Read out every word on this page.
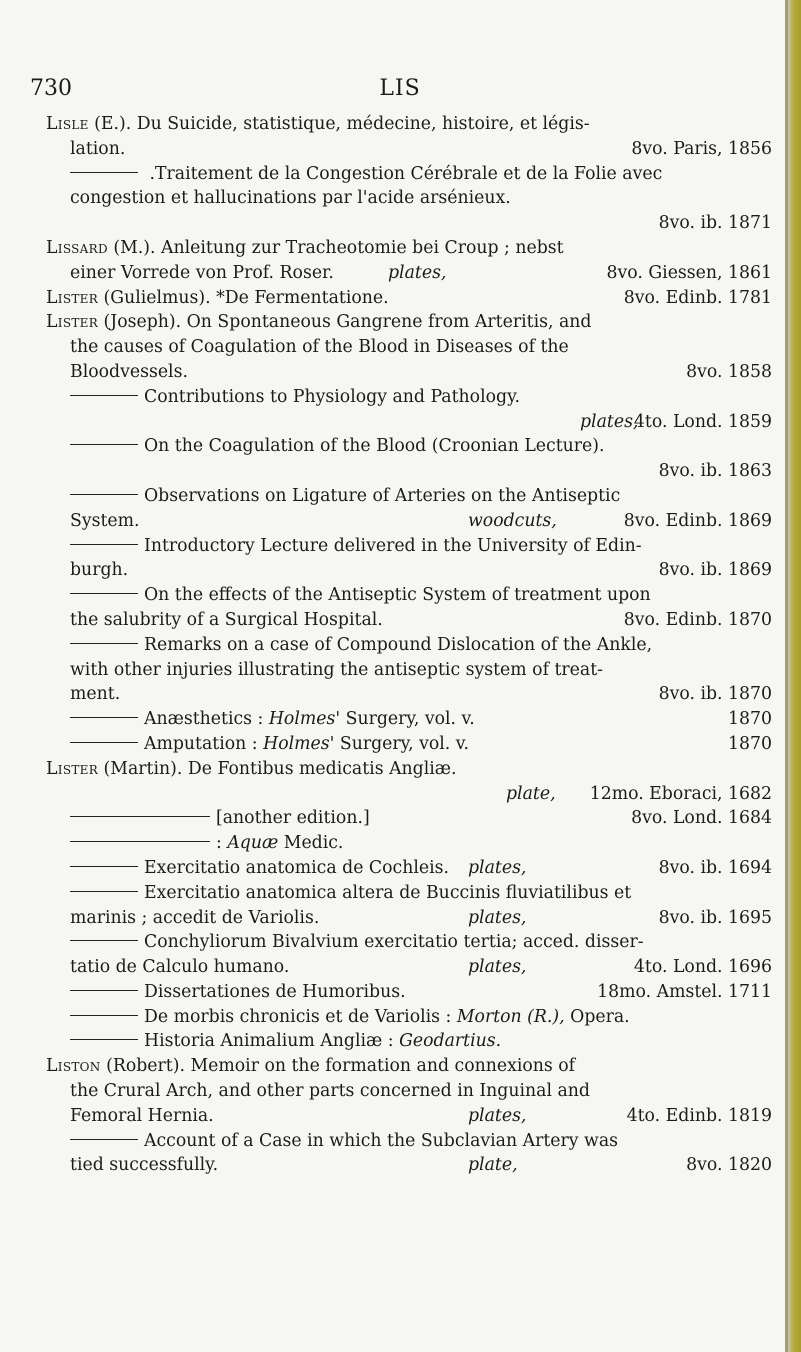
730	LIS
Lisle (E.). Du Suicide, statistique, médecine, histoire, et légis-
lation.	8vo. Paris, 1856
.Traitement de la Congestion Cérébrale et de la Folie avec
congestion et hallucinations par l'acide arsénieux.
8vo. ib. 1871
Lissard (M.). Anleitung zur Tracheotomie bei Croup ; nebst
einer Vorrede von Prof. Roser.	plates,	8vo. Giessen, 1861
Lister (Gulielmus). *De Fermentatione.	8vo. Edinb. 1781
Lister (Joseph). On Spontaneous Gangrene from Arteritis, and
the causes of Coagulation of the Blood in Diseases of the
Bloodvessels.	8vo. 1858
Contributions to Physiology and Pathology.
plates,
4to. Lond. 1859
On the Coagulation of the Blood (Croonian Lecture).
8vo. ib. 1863
Observations on Ligature of Arteries on the Antiseptic
System.	woodcuts,	8vo. Edinb. 1869
Introductory Lecture delivered in the University of Edin-
burgh.	8vo. ib. 1869
On the effects of the Antiseptic System of treatment upon
the salubrity of a Surgical Hospital.	8vo. Edinb. 1870
Remarks on a case of Compound Dislocation of the Ankle,
with other injuries illustrating the antiseptic system of treat-
ment.	8vo. ib. 1870
Anæsthetics : Holmes' Surgery, vol. v.	1870
Amputation : Holmes' Surgery, vol. v.	1870
Lister (Martin). De Fontibus medicatis Angliæ.
plate, 12mo. Eboraci, 1682
[another edition.]	8vo. Lond. 1684
: Aquæ Medic.
Exercitatio anatomica de Cochleis. plates,	8vo. ib. 1694
Exercitatio anatomica altera de Buccinis fluviatilibus et
marinis ; accedit de Variolis.	plates,	8vo. ib. 1695
Conchyliorum Bivalvium exercitatio tertia; acced. disser-
tatio de Calculo humano.	plates,	4to. Lond. 1696
Dissertationes de Humoribus.	18mo. Amstel. 1711
De morbis chronicis et de Variolis : Morton (R.), Opera.
Historia Animalium Angliæ : Geodartius.
Liston (Robert). Memoir on the formation and connexions of
the Crural Arch, and other parts concerned in Inguinal and
Femoral Hernia.	plates,	4to. Edinb. 1819
Account of a Case in which the Subclavian Artery was
tied successfully.	plate,	8vo. 1820
